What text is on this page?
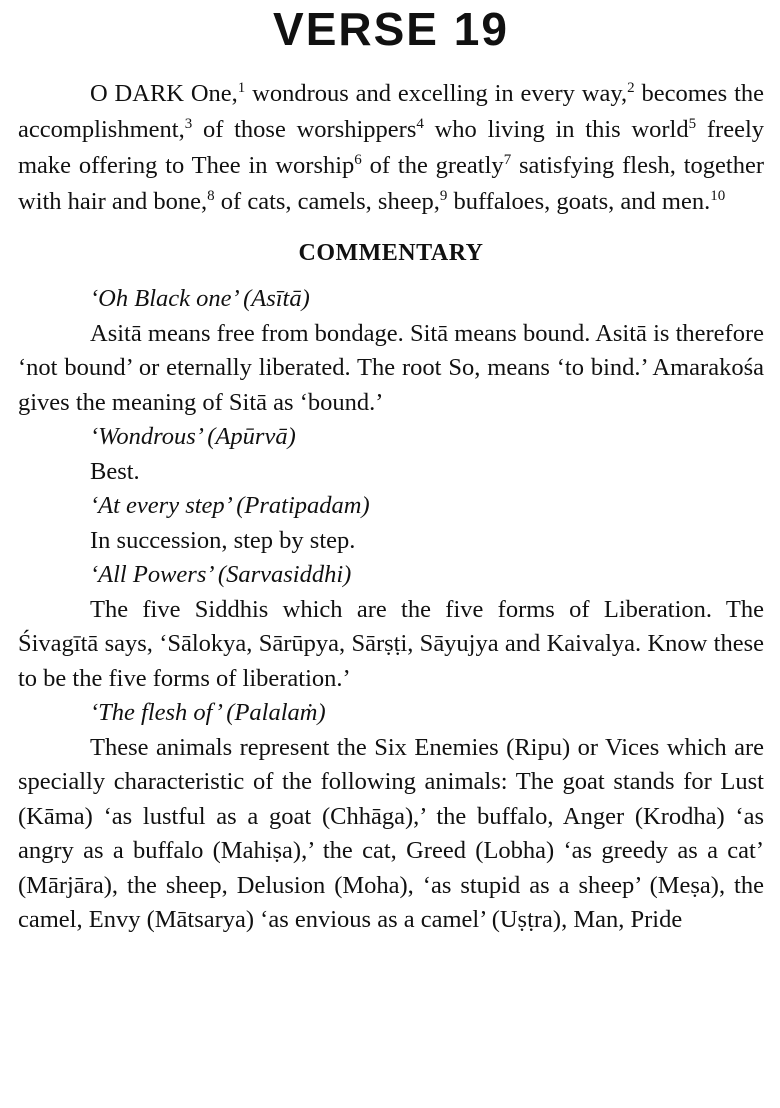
VERSE 19

O DARK One,$^1$ wondrous and excelling in every way,$^2$ becomes the accomplishment,$^3$ of those worshippers$^4$ who living in this world$^5$ freely make offering to Thee in worship$^6$ of the greatly$^7$ satisfying flesh, together with hair and bone,$^8$ of cats, camels, sheep,$^9$ buffaloes, goats, and men.$^{10}$

COMMENTARY
‘Oh Black one’ (Asītā)
Asitā means free from bondage. Sitā means bound. Asitā is therefore ‘not bound’ or eternally liberated. The root So, means ‘to bind.’ Amarakośa gives the meaning of Sitā as ‘bound.’
‘Wondrous’ (Apūrvā)
Best.
‘At every step’ (Pratipadam)
In succession, step by step.
‘All Powers’ (Sarvasiddhi)
The five Siddhis which are the five forms of Liberation. The Śivagītā says, ‘Sālokya, Sārūpya, Sārṣṭi, Sāyujya and Kaivalya. Know these to be the five forms of liberation.’
‘The flesh of’ (Palalaṁ)
These animals represent the Six Enemies (Ripu) or Vices which are specially characteristic of the following animals: The goat stands for Lust (Kāma) ‘as lustful as a goat (Chhāga),’ the buffalo, Anger (Krodha) ‘as angry as a buffalo (Mahiṣa),’ the cat, Greed (Lobha) ‘as greedy as a cat’ (Mārjāra), the sheep, Delusion (Moha), ‘as stupid as a sheep’ (Meṣa), the camel, Envy (Mātsarya) ‘as envious as a camel’ (Uṣṭra), Man, Pride
